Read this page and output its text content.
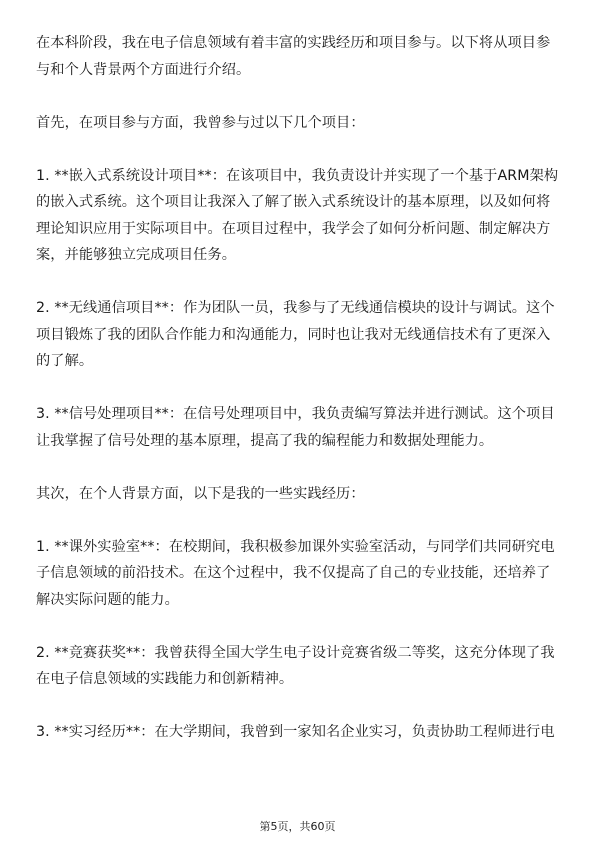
在本科阶段，我在电子信息领域有着丰富的实践经历和项目参与。以下将从项目参与和个人背景两个方面进行介绍。

首先，在项目参与方面，我曾参与过以下几个项目：

1. **嵌入式系统设计项目**：在该项目中，我负责设计并实现了一个基于ARM架构的嵌入式系统。这个项目让我深入了解了嵌入式系统设计的基本原理，以及如何将理论知识应用于实际项目中。在项目过程中，我学会了如何分析问题、制定解决方案，并能够独立完成项目任务。

2. **无线通信项目**：作为团队一员，我参与了无线通信模块的设计与调试。这个项目锻炼了我的团队合作能力和沟通能力，同时也让我对无线通信技术有了更深入的了解。

3. **信号处理项目**：在信号处理项目中，我负责编写算法并进行测试。这个项目让我掌握了信号处理的基本原理，提高了我的编程能力和数据处理能力。

其次，在个人背景方面，以下是我的一些实践经历：

1. **课外实验室**：在校期间，我积极参加课外实验室活动，与同学们共同研究电子信息领域的前沿技术。在这个过程中，我不仅提高了自己的专业技能，还培养了解决实际问题的能力。

2. **竞赛获奖**：我曾获得全国大学生电子设计竞赛省级二等奖，这充分体现了我在电子信息领域的实践能力和创新精神。

3. **实习经历**：在大学期间，我曾到一家知名企业实习，负责协助工程师进行电

第5页，共60页
